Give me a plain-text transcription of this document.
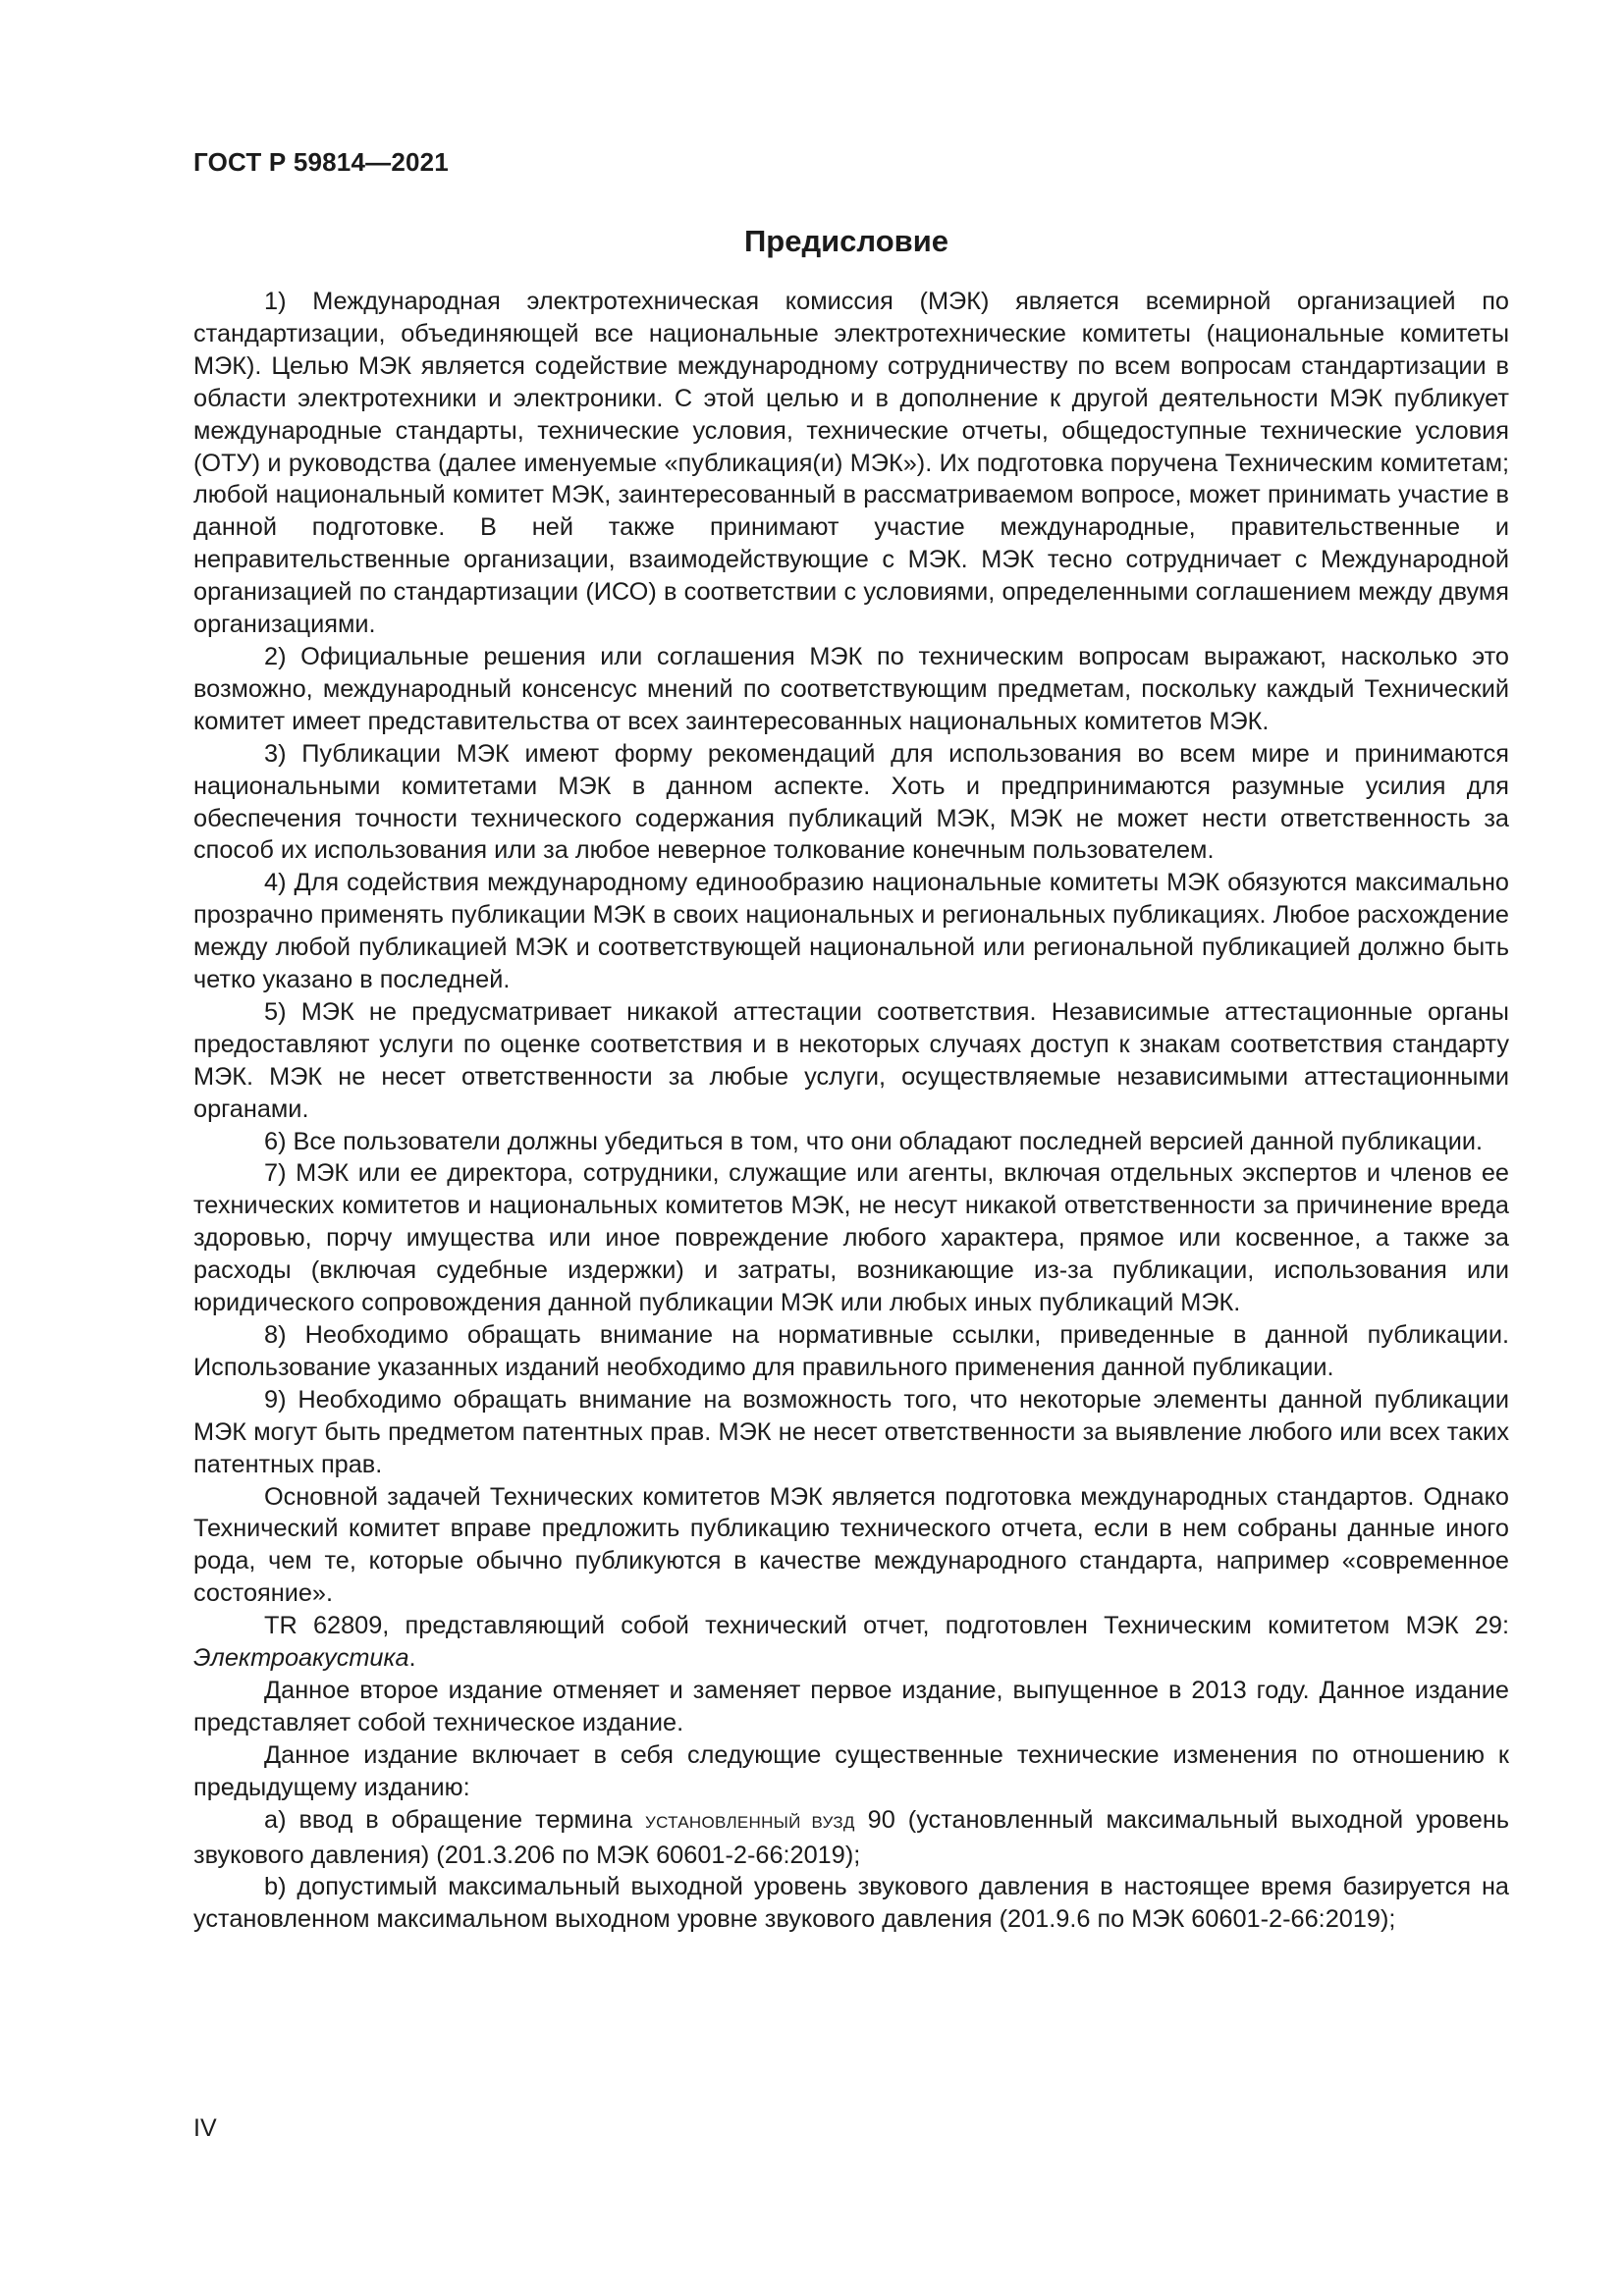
ГОСТ Р 59814—2021
Предисловие

1) Международная электротехническая комиссия (МЭК) является всемирной организацией по стандартизации, объединяющей все национальные электротехнические комитеты (национальные комитеты МЭК). Целью МЭК является содействие международному сотрудничеству по всем вопросам стандартизации в области электротехники и электроники. С этой целью и в дополнение к другой деятельности МЭК публикует международные стандарты, технические условия, технические отчеты, общедоступные технические условия (ОТУ) и руководства (далее именуемые «публикация(и) МЭК»). Их подготовка поручена Техническим комитетам; любой национальный комитет МЭК, заинтересованный в рассматриваемом вопросе, может принимать участие в данной подготовке. В ней также принимают участие международные, правительственные и неправительственные организации, взаимодействующие с МЭК. МЭК тесно сотрудничает с Международной организацией по стандартизации (ИСО) в соответствии с условиями, определенными соглашением между двумя организациями.

2) Официальные решения или соглашения МЭК по техническим вопросам выражают, насколько это возможно, международный консенсус мнений по соответствующим предметам, поскольку каждый Технический комитет имеет представительства от всех заинтересованных национальных комитетов МЭК.

3) Публикации МЭК имеют форму рекомендаций для использования во всем мире и принимаются национальными комитетами МЭК в данном аспекте. Хоть и предпринимаются разумные усилия для обеспечения точности технического содержания публикаций МЭК, МЭК не может нести ответственность за способ их использования или за любое неверное толкование конечным пользователем.

4) Для содействия международному единообразию национальные комитеты МЭК обязуются максимально прозрачно применять публикации МЭК в своих национальных и региональных публикациях. Любое расхождение между любой публикацией МЭК и соответствующей национальной или региональной публикацией должно быть четко указано в последней.

5) МЭК не предусматривает никакой аттестации соответствия. Независимые аттестационные органы предоставляют услуги по оценке соответствия и в некоторых случаях доступ к знакам соответствия стандарту МЭК. МЭК не несет ответственности за любые услуги, осуществляемые независимыми аттестационными органами.

6) Все пользователи должны убедиться в том, что они обладают последней версией данной публикации.

7) МЭК или ее директора, сотрудники, служащие или агенты, включая отдельных экспертов и членов ее технических комитетов и национальных комитетов МЭК, не несут никакой ответственности за причинение вреда здоровью, порчу имущества или иное повреждение любого характера, прямое или косвенное, а также за расходы (включая судебные издержки) и затраты, возникающие из-за публикации, использования или юридического сопровождения данной публикации МЭК или любых иных публикаций МЭК.

8) Необходимо обращать внимание на нормативные ссылки, приведенные в данной публикации. Использование указанных изданий необходимо для правильного применения данной публикации.

9) Необходимо обращать внимание на возможность того, что некоторые элементы данной публикации МЭК могут быть предметом патентных прав. МЭК не несет ответственности за выявление любого или всех таких патентных прав.

Основной задачей Технических комитетов МЭК является подготовка международных стандартов. Однако Технический комитет вправе предложить публикацию технического отчета, если в нем собраны данные иного рода, чем те, которые обычно публикуются в качестве международного стандарта, например «современное состояние».

TR 62809, представляющий собой технический отчет, подготовлен Техническим комитетом МЭК 29: Электроакустика.

Данное второе издание отменяет и заменяет первое издание, выпущенное в 2013 году. Данное издание представляет собой техническое издание.

Данное издание включает в себя следующие существенные технические изменения по отношению к предыдущему изданию:

a) ввод в обращение термина УСТАНОВЛЕННЫЙ ВУЗД 90 (установленный максимальный выходной уровень звукового давления) (201.3.206 по МЭК 60601-2-66:2019);

b) допустимый максимальный выходной уровень звукового давления в настоящее время базируется на установленном максимальном выходном уровне звукового давления (201.9.6 по МЭК 60601-2-66:2019);

IV
